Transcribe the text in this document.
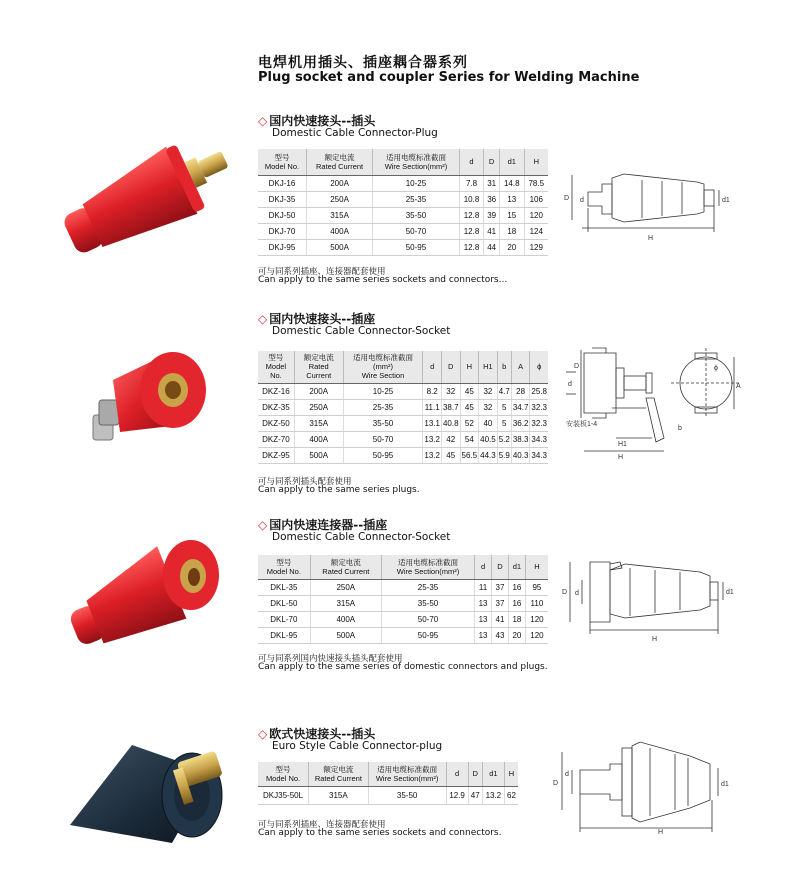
电焊机用插头、插座耦合器系列
Plug socket and coupler Series for Welding Machine
◇ 国内快速接头--插头
Domestic Cable Connector-Plug
型号
Model No.	额定电流
Rated Current	适用电缆标准截面
Wire Section(mm²)	d	D	d1	H
DKJ-16	200A	10-25	7.8	31	14.8	78.5
DKJ-35	250A	25-35	10.8	36	13	106
DKJ-50	315A	35-50	12.8	39	15	120
DKJ-70	400A	50-70	12.8	41	18	124
DKJ-95	500A	50-95	12.8	44	20	129
H
D d	d1
可与同系列插座、连接器配套使用
Can apply to the same series sockets and connectors...
◇ 国内快速接头--插座
Domestic Cable Connector-Socket
型号
Model No.	额定电流
Rated Current	适用电缆标准截面(mm²)
Wire Section	d	D	H	H1	b	A	ϕ
DKZ-16	200A	10-25	8.2	32	45	32	4.7	28	25.8
DKZ-35	250A	25-35	11.1	38.7	45	32	5	34.7	32.3
DKZ-50	315A	35-50	13.1	40.8	52	40	5	36.2	32.3
DKZ-70	400A	50-70	13.2	42	54	40.5	5.2	38.3	34.3
DKZ-95	500A	50-95	13.2	45	56.5	44.3	5.9	40.3	34.3
安装板1-4
d
D
H1
H
b
A
ϕ
可与同系列插头配套使用
Can apply to the same series plugs.
◇ 国内快速连接器--插座
Domestic Cable Connector-Socket
型号
Model No.	额定电流
Rated Current	适用电缆标准截面
Wire Section(mm²)	d	D	d1	H
DKL-35	250A	25-35	11	37	16	95
DKL-50	315A	35-50	13	37	16	110
DKL-70	400A	50-70	13	41	18	120
DKL-95	500A	50-95	13	43	20	120	H
D d	d1
可与同系列国内快速接头插头配套使用
Can apply to the same series of domestic connectors and plugs.
◇ 欧式快速接头--插头
Euro Style Cable Connector-plug
型号
Model No.	额定电流
Rated Current	适用电缆标准截面
Wire Section(mm²)	d	D	d1	H
DKJ35-50L	315A	35-50	12.9	47	13.2	62
H
D
d
d1
可与同系列插座、连接器配套使用
Can apply to the same series sockets and connectors.
